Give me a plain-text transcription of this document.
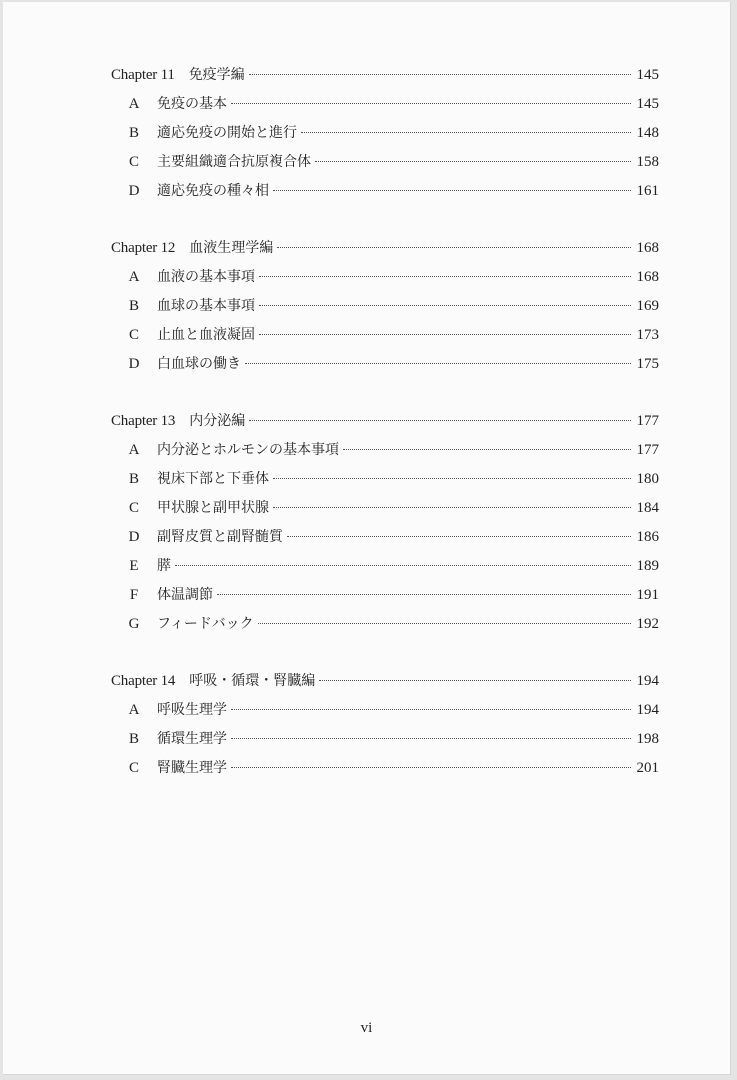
Chapter 11 免疫学編	145
A	免疫の基本	145
B	適応免疫の開始と進行	148
C	主要組織適合抗原複合体	158
D	適応免疫の種々相	161
Chapter 12 血液生理学編	168
A	血液の基本事項	168
B	血球の基本事項	169
C	止血と血液凝固	173
D	白血球の働き	175
Chapter 13 内分泌編	177
A	内分泌とホルモンの基本事項	177
B	視床下部と下垂体	180
C	甲状腺と副甲状腺	184
D	副腎皮質と副腎髄質	186
E	膵	189
F	体温調節	191
G	フィードバック	192
Chapter 14 呼吸・循環・腎臓編	194
A	呼吸生理学	194
B	循環生理学	198
C	腎臓生理学	201
vi
